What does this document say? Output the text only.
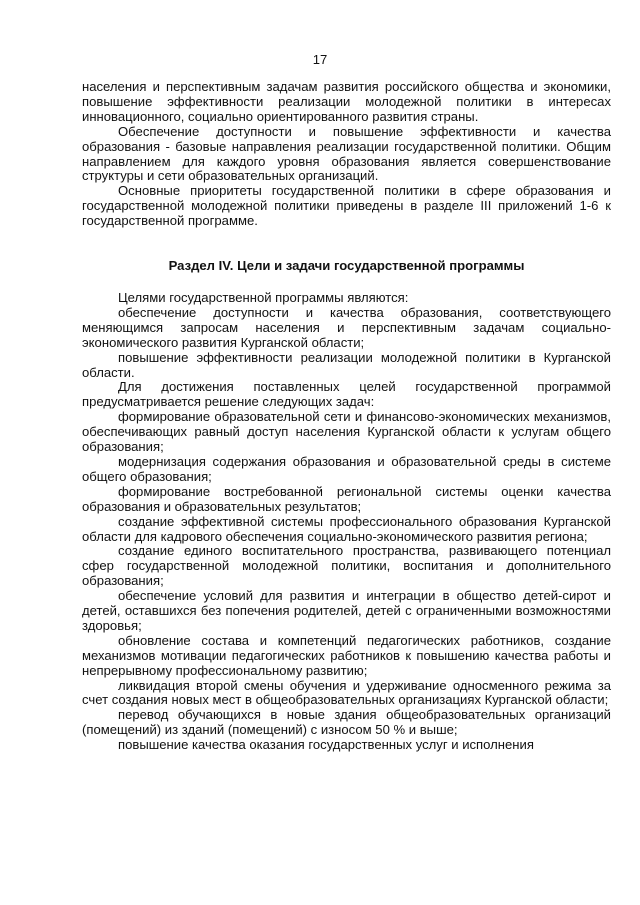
17

населения и перспективным задачам развития российского общества и экономики, повышение эффективности реализации молодежной политики в интересах инновационного, социально ориентированного развития страны.

Обеспечение доступности и повышение эффективности и качества образования - базовые направления реализации государственной политики. Общим направлением для каждого уровня образования является совершенствование структуры и сети образовательных организаций.

Основные приоритеты государственной политики в сфере образования и государственной молодежной политики приведены в разделе III приложений 1-6 к государственной программе.

Раздел IV. Цели и задачи государственной программы

Целями государственной программы являются:

обеспечение доступности и качества образования, соответствующего меняющимся запросам населения и перспективным задачам социально-экономического развития Курганской области;

повышение эффективности реализации молодежной политики в Курганской области.

Для достижения поставленных целей государственной программой предусматривается решение следующих задач:

формирование образовательной сети и финансово-экономических механизмов, обеспечивающих равный доступ населения Курганской области к услугам общего образования;

модернизация содержания образования и образовательной среды в системе общего образования;

формирование востребованной региональной системы оценки качества образования и образовательных результатов;

создание эффективной системы профессионального образования Курганской области для кадрового обеспечения социально-экономического развития региона;

создание единого воспитательного пространства, развивающего потенциал сфер государственной молодежной политики, воспитания и дополнительного образования;

обеспечение условий для развития и интеграции в общество детей-сирот и детей, оставшихся без попечения родителей, детей с ограниченными возможностями здоровья;

обновление состава и компетенций педагогических работников, создание механизмов мотивации педагогических работников к повышению качества работы и непрерывному профессиональному развитию;

ликвидация второй смены обучения и удерживание односменного режима за счет создания новых мест в общеобразовательных организациях Курганской области;

перевод обучающихся в новые здания общеобразовательных организаций (помещений) из зданий (помещений) с износом 50 % и выше;

повышение качества оказания государственных услуг и исполнения
